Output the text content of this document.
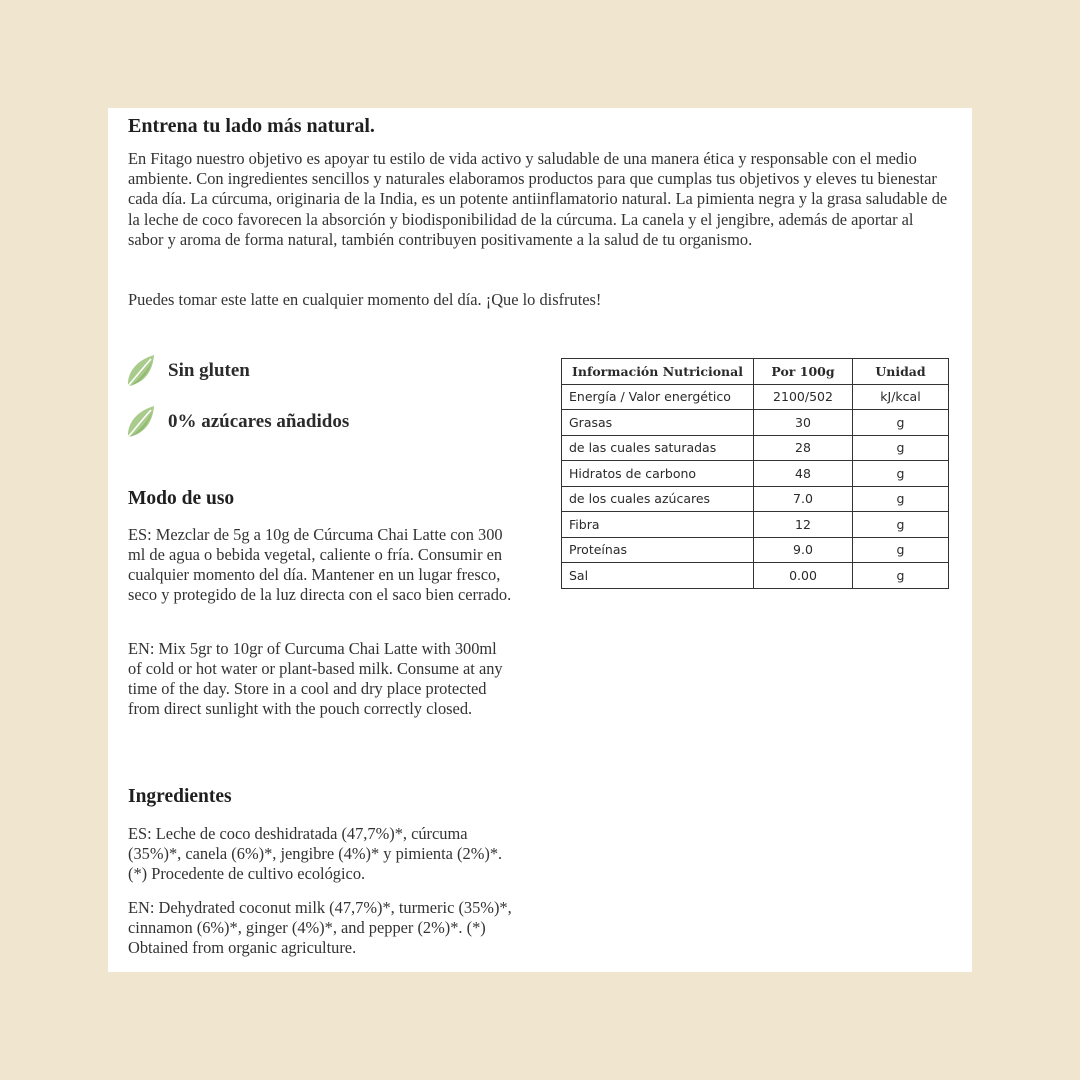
Entrena tu lado más natural.

En Fitago nuestro objetivo es apoyar tu estilo de vida activo y saludable de una manera ética y responsable con el medio ambiente. Con ingredientes sencillos y naturales elaboramos productos para que cumplas tus objetivos y eleves tu bienestar cada día. La cúrcuma, originaria de la India, es un potente antiinflamatorio natural. La pimienta negra y la grasa saludable de la leche de coco favorecen la absorción y biodisponibilidad de la cúrcuma. La canela y el jengibre, además de aportar al sabor y aroma de forma natural, también contribuyen positivamente a la salud de tu organismo.

Puedes tomar este latte en cualquier momento del día. ¡Que lo disfrutes!

Sin gluten
0% azúcares añadidos
Modo de uso

ES: Mezclar de 5g a 10g de Cúrcuma Chai Latte con 300 ml de agua o bebida vegetal, caliente o fría. Consumir en cualquier momento del día. Mantener en un lugar fresco, seco y protegido de la luz directa con el saco bien cerrado.

EN: Mix 5gr to 10gr of Curcuma Chai Latte with 300ml of cold or hot water or plant-based milk. Consume at any time of the day. Store in a cool and dry place protected from direct sunlight with the pouch correctly closed.

Ingredientes

ES: Leche de coco deshidratada (47,7%)*, cúrcuma (35%)*, canela (6%)*, jengibre (4%)* y pimienta (2%)*. (*) Procedente de cultivo ecológico.

EN: Dehydrated coconut milk (47,7%)*, turmeric (35%)*, cinnamon (6%)*, ginger (4%)*, and pepper (2%)*. (*) Obtained from organic agriculture.

Información Nutricional	Por 100g	Unidad
Energía / Valor energético	2100/502	kJ/kcal
Grasas	30	g
de las cuales saturadas	28	g
Hidratos de carbono	48	g
de los cuales azúcares	7.0	g
Fibra	12	g
Proteínas	9.0	g
Sal	0.00	g
